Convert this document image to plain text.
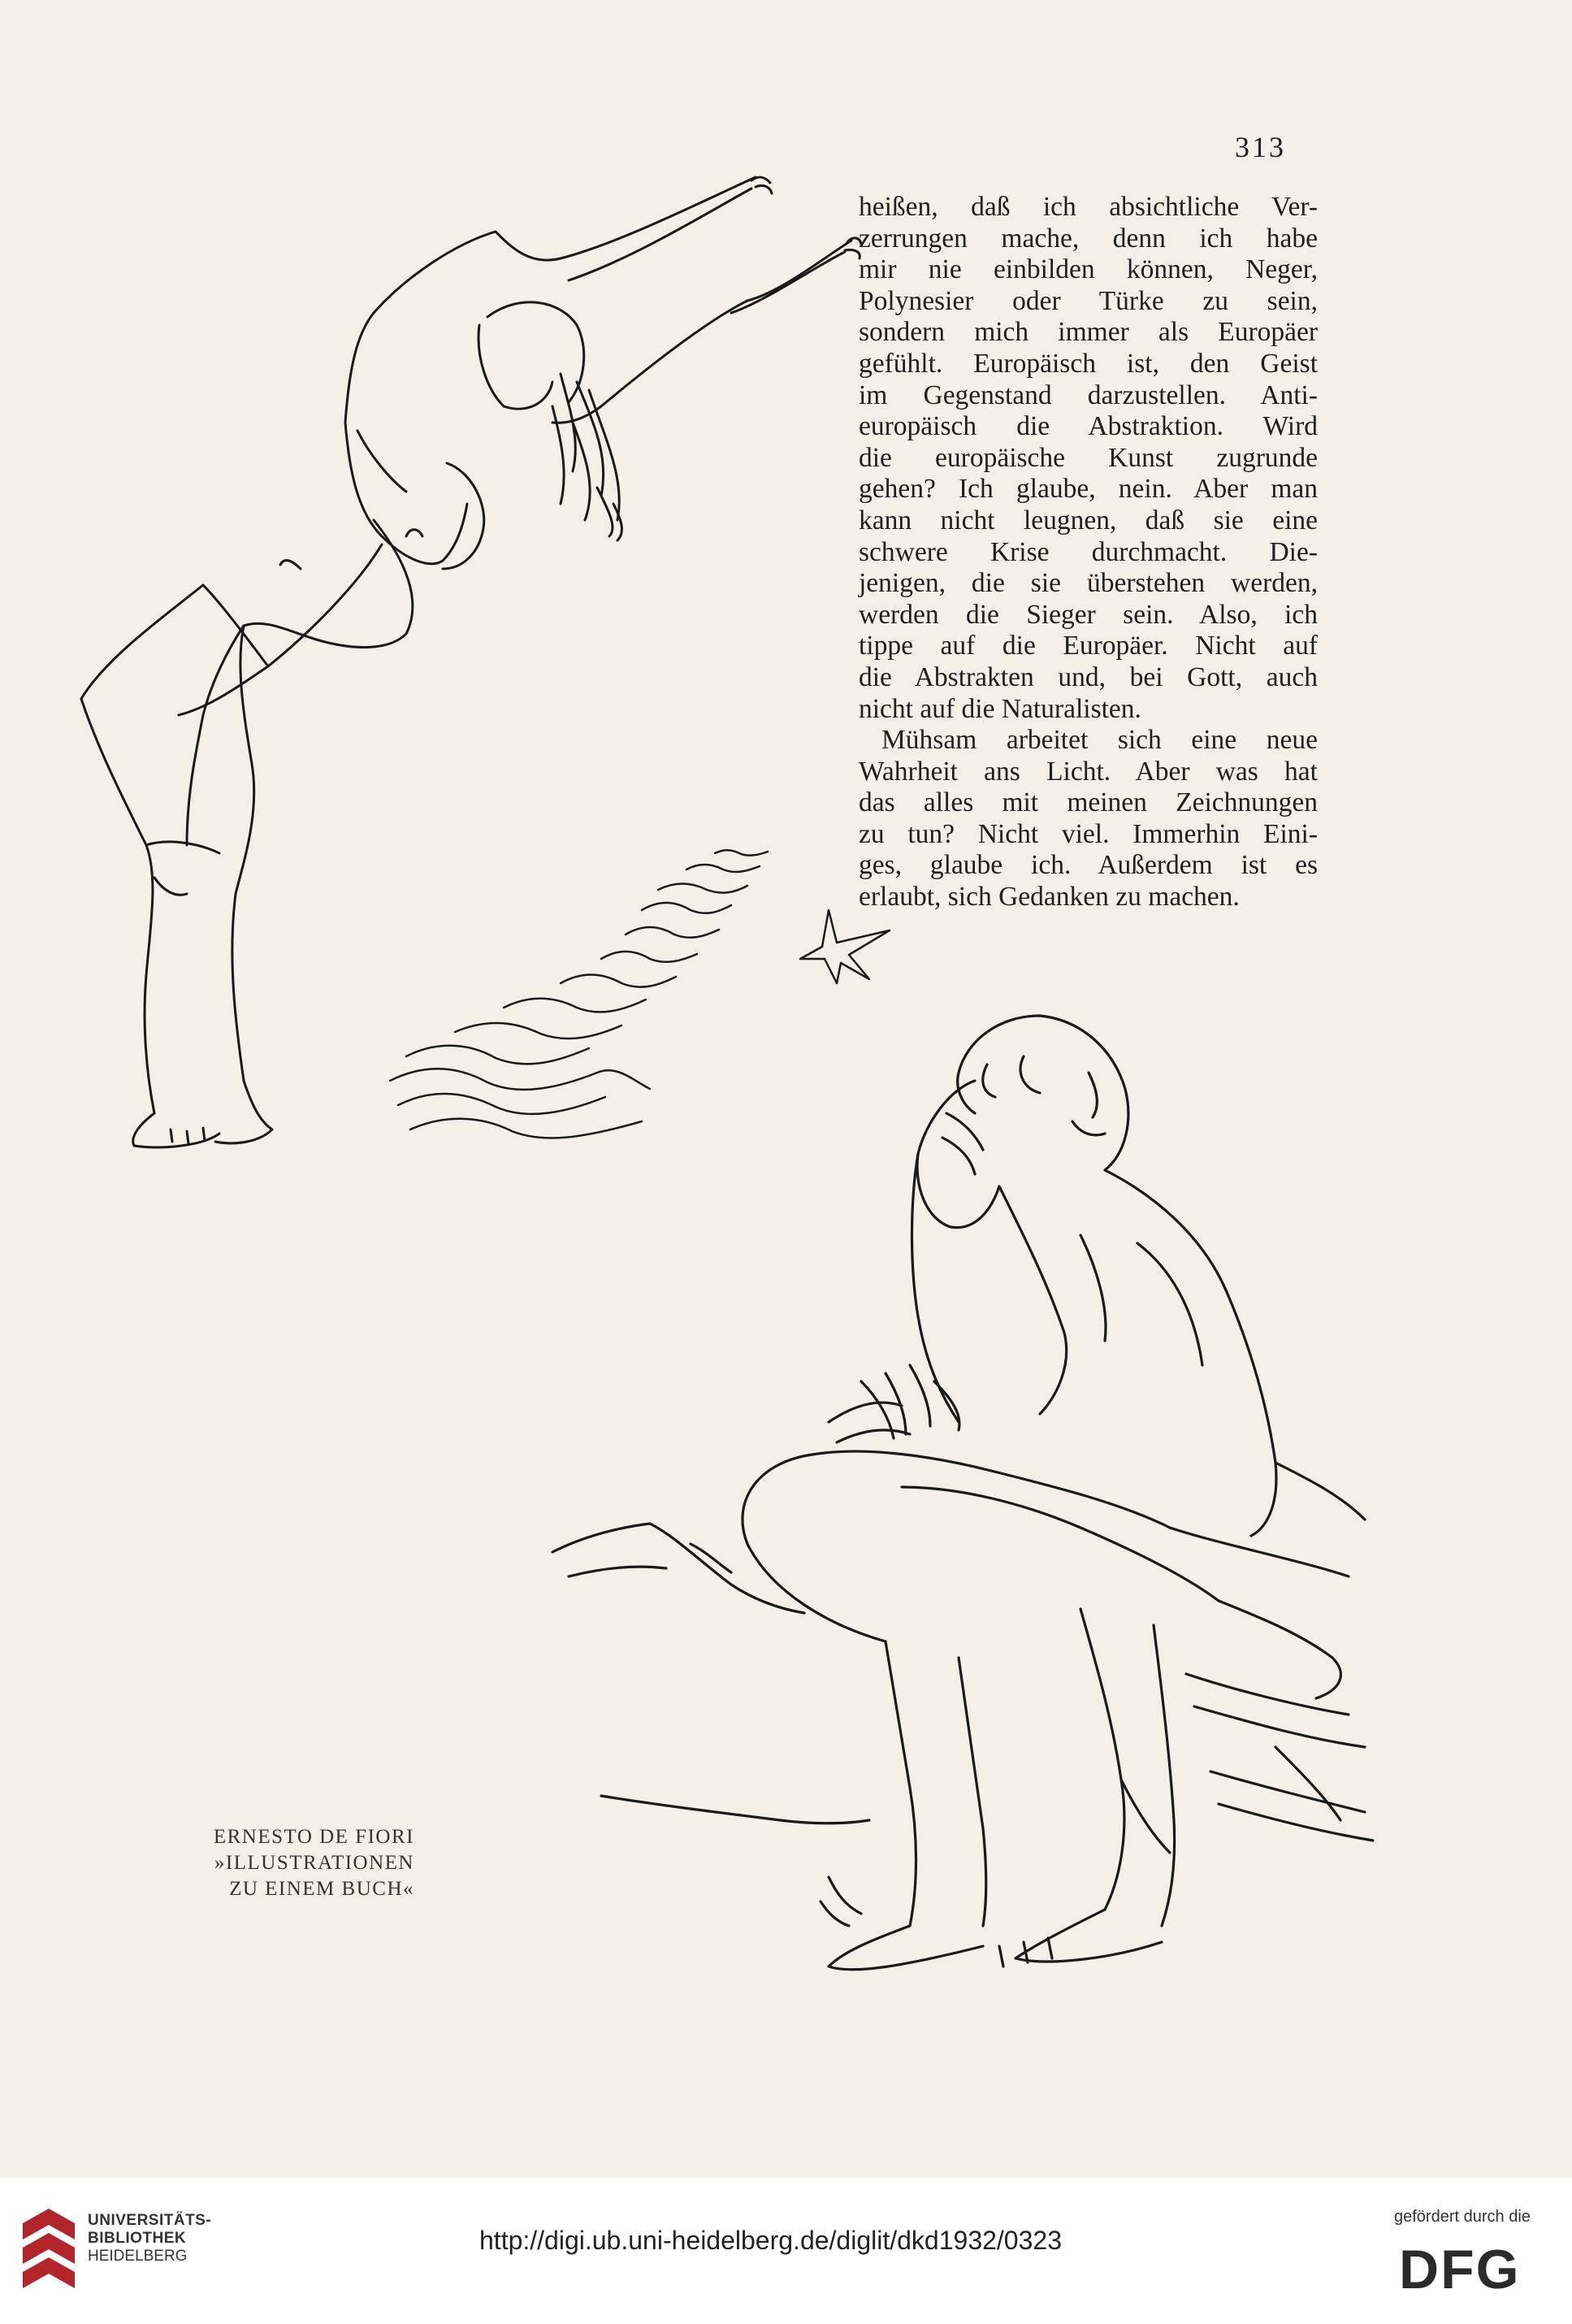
313
heißen, daß ich absichtliche Ver-
zerrungen mache, denn ich habe
mir nie einbilden können, Neger,
Polynesier oder Türke zu sein,
sondern mich immer als Europäer
gefühlt. Europäisch ist, den Geist
im Gegenstand darzustellen. Anti-
europäisch die Abstraktion. Wird
die europäische Kunst zugrunde
gehen? Ich glaube, nein. Aber man
kann nicht leugnen, daß sie eine
schwere Krise durchmacht. Die-
jenigen, die sie überstehen werden,
werden die Sieger sein. Also, ich
tippe auf die Europäer. Nicht auf
die Abstrakten und, bei Gott, auch
nicht auf die Naturalisten.
Mühsam arbeitet sich eine neue
Wahrheit ans Licht. Aber was hat
das alles mit meinen Zeichnungen
zu tun? Nicht viel. Immerhin Eini-
ges, glaube ich. Außerdem ist es
erlaubt, sich Gedanken zu machen.
ERNESTO DE FIORI
»ILLUSTRATIONEN
ZU EINEM BUCH«
UNIVERSITÄTS-
BIBLIOTHEK
HEIDELBERG
http://digi.ub.uni-heidelberg.de/diglit/dkd1932/0323
gefördert durch die
DFG
